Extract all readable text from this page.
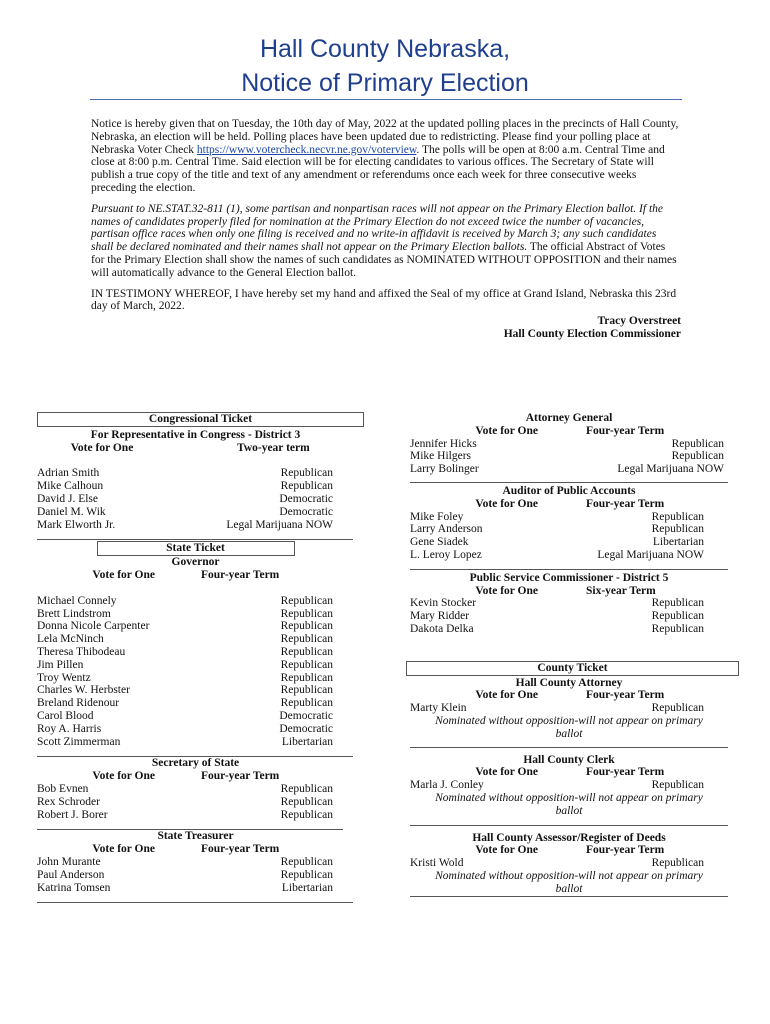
Hall County Nebraska,
Notice of Primary Election

Notice is hereby given that on Tuesday, the 10th day of May, 2022 at the updated polling places in the precincts of Hall County, Nebraska, an election will be held. Polling places have been updated due to redistricting. Please find your polling place at Nebraska Voter Check https://www.votercheck.necvr.ne.gov/voterview. The polls will be open at 8:00 a.m. Central Time and close at 8:00 p.m. Central Time. Said election will be for electing candidates to various offices. The Secretary of State will publish a true copy of the title and text of any amendment or referendums once each week for three consecutive weeks preceding the election.

Pursuant to NE.STAT.32-811 (1), some partisan and nonpartisan races will not appear on the Primary Election ballot. If the names of candidates properly filed for nomination at the Primary Election do not exceed twice the number of vacancies, partisan office races when only one filing is received and no write-in affidavit is received by March 3; any such candidates shall be declared nominated and their names shall not appear on the Primary Election ballots. The official Abstract of Votes for the Primary Election shall show the names of such candidates as NOMINATED WITHOUT OPPOSITION and their names will automatically advance to the General Election ballot.

IN TESTIMONY WHEREOF, I have hereby set my hand and affixed the Seal of my office at Grand Island, Nebraska this 23rd day of March, 2022.

Tracy Overstreet
Hall County Election Commissioner
Congressional Ticket
For Representative in Congress - District 3
Vote for One	Two-year term
Adrian Smith	Republican
Mike Calhoun	Republican
David J. Else	Democratic
Daniel M. Wik	Democratic
Mark Elworth Jr.	Legal Marijuana NOW
State Ticket
Governor
Vote for One	Four-year Term
Michael Connely	Republican
Brett Lindstrom	Republican
Donna Nicole Carpenter	Republican
Lela McNinch	Republican
Theresa Thibodeau	Republican
Jim Pillen	Republican
Troy Wentz	Republican
Charles W. Herbster	Republican
Breland Ridenour	Republican
Carol Blood	Democratic
Roy A. Harris	Democratic
Scott Zimmerman	Libertarian
Secretary of State
Vote for One	Four-year Term
Bob Evnen	Republican
Rex Schroder	Republican
Robert J. Borer	Republican
State Treasurer
Vote for One	Four-year Term
John Murante	Republican
Paul Anderson	Republican
Katrina Tomsen	Libertarian
Attorney General
Vote for One	Four-year Term
Jennifer Hicks	Republican
Mike Hilgers	Republican
Larry Bolinger	Legal Marijuana NOW
Auditor of Public Accounts
Vote for One	Four-year Term
Mike Foley	Republican
Larry Anderson	Republican
Gene Siadek	Libertarian
L. Leroy Lopez	Legal Marijuana NOW
Public Service Commissioner - District 5
Vote for One	Six-year Term
Kevin Stocker	Republican
Mary Ridder	Republican
Dakota Delka	Republican
County Ticket
Hall County Attorney
Vote for One	Four-year Term
Marty Klein	Republican
Nominated without opposition-will not appear on primary ballot
Hall County Clerk
Vote for One	Four-year Term
Marla J. Conley	Republican
Nominated without opposition-will not appear on primary ballot
Hall County Assessor/Register of Deeds
Vote for One	Four-year Term
Kristi Wold	Republican
Nominated without opposition-will not appear on primary ballot
